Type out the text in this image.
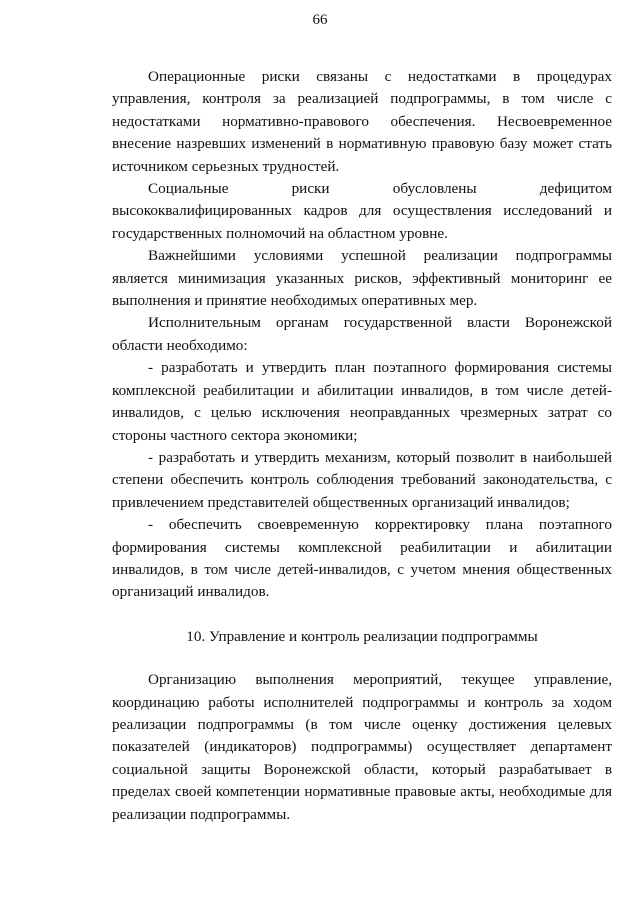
66

Операционные риски связаны с недостатками в процедурах управления, контроля за реализацией подпрограммы, в том числе с недостатками нормативно-правового обеспечения. Несвоевременное внесение назревших изменений в нормативную правовую базу может стать источником серьезных трудностей.

Социальные риски обусловлены дефицитом высококвалифицированных кадров для осуществления исследований и государственных полномочий на областном уровне.

Важнейшими условиями успешной реализации подпрограммы является минимизация указанных рисков, эффективный мониторинг ее выполнения и принятие необходимых оперативных мер.

Исполнительным органам государственной власти Воронежской области необходимо:

- разработать и утвердить план поэтапного формирования системы комплексной реабилитации и абилитации инвалидов, в том числе детей-инвалидов, с целью исключения неоправданных чрезмерных затрат со стороны частного сектора экономики;

- разработать и утвердить механизм, который позволит в наибольшей степени обеспечить контроль соблюдения требований законодательства, с привлечением представителей общественных организаций инвалидов;

- обеспечить своевременную корректировку плана поэтапного формирования системы комплексной реабилитации и абилитации инвалидов, в том числе детей-инвалидов, с учетом мнения общественных организаций инвалидов.

10. Управление и контроль реализации подпрограммы

Организацию выполнения мероприятий, текущее управление, координацию работы исполнителей подпрограммы и контроль за ходом реализации подпрограммы (в том числе оценку достижения целевых показателей (индикаторов) подпрограммы) осуществляет департамент социальной защиты Воронежской области, который разрабатывает в пределах своей компетенции нормативные правовые акты, необходимые для реализации подпрограммы.
